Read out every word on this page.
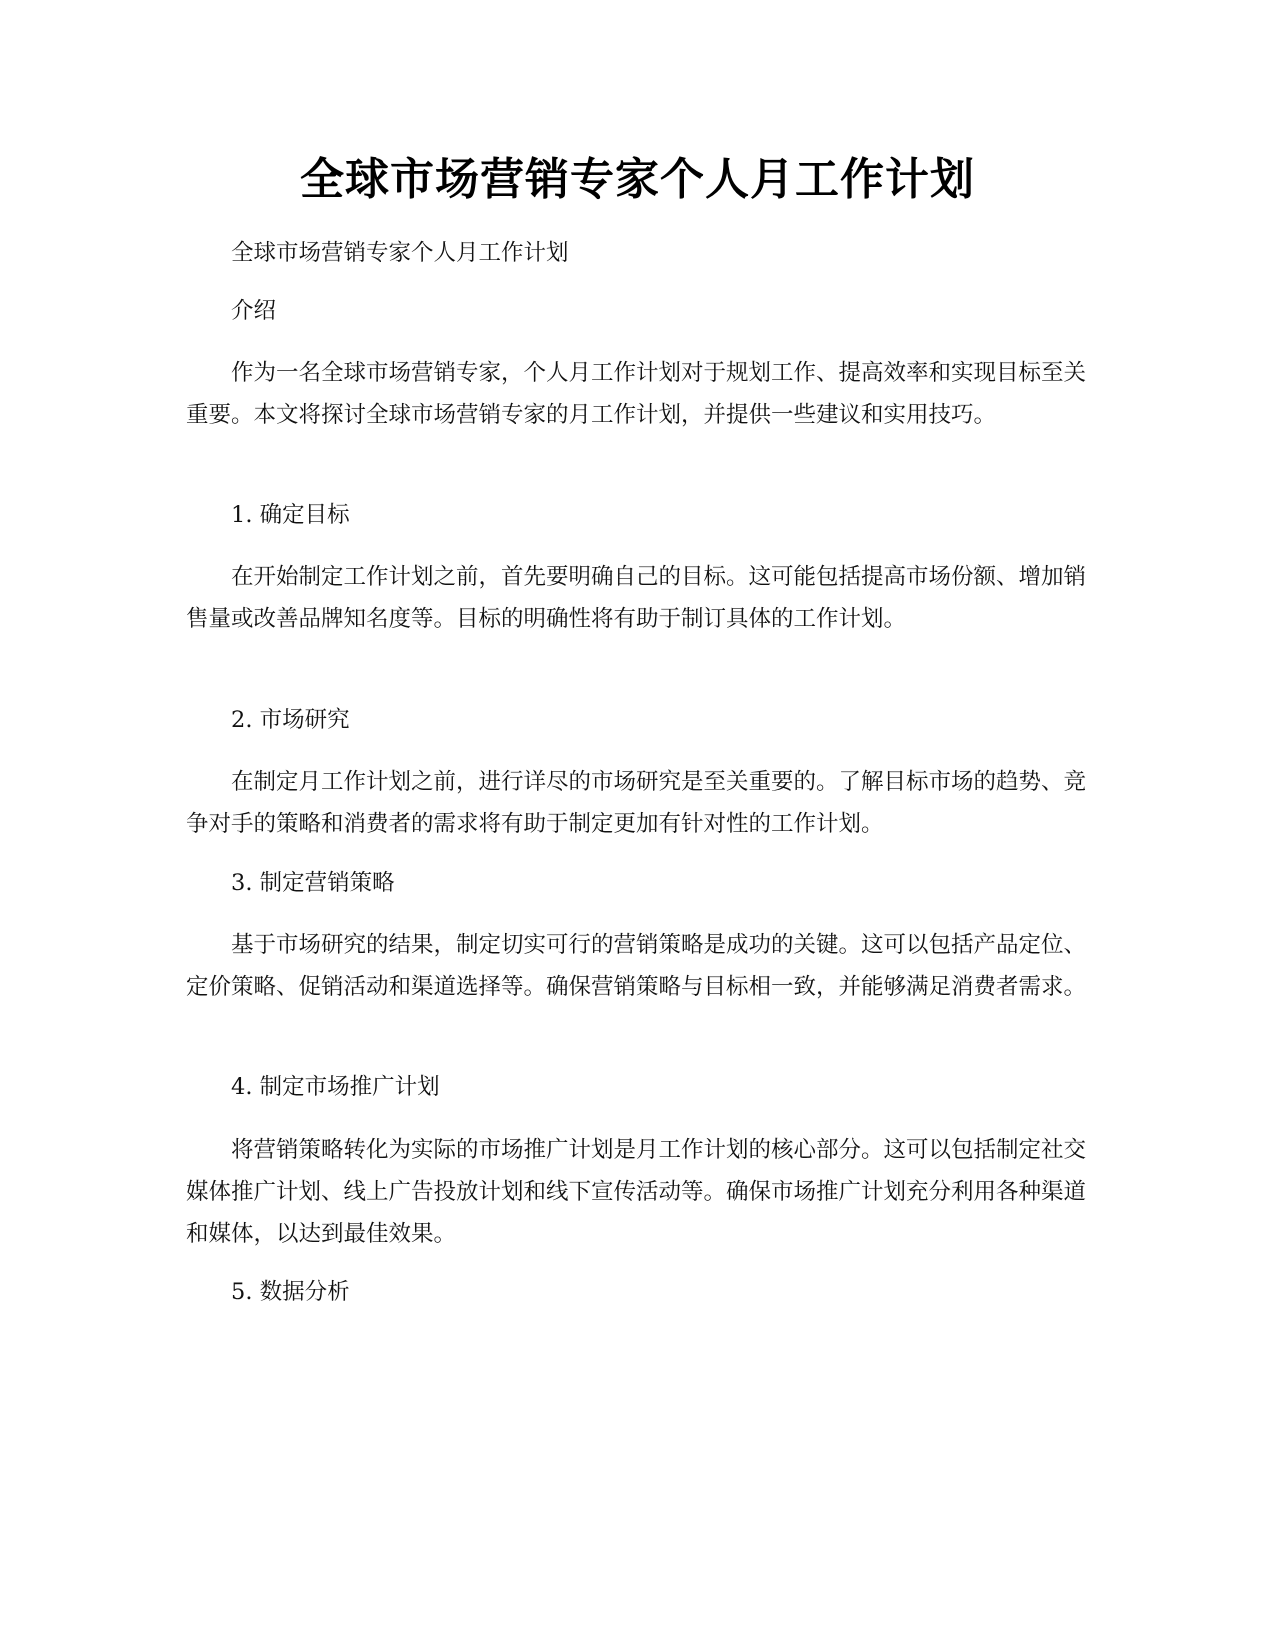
全球市场营销专家个人月工作计划

全球市场营销专家个人月工作计划

介绍

作为一名全球市场营销专家，个人月工作计划对于规划工作、提高效率和实现目标至关重要。本文将探讨全球市场营销专家的月工作计划，并提供一些建议和实用技巧。

1. 确定目标

在开始制定工作计划之前，首先要明确自己的目标。这可能包括提高市场份额、增加销售量或改善品牌知名度等。目标的明确性将有助于制订具体的工作计划。

2. 市场研究

在制定月工作计划之前，进行详尽的市场研究是至关重要的。了解目标市场的趋势、竞争对手的策略和消费者的需求将有助于制定更加有针对性的工作计划。

3. 制定营销策略

基于市场研究的结果，制定切实可行的营销策略是成功的关键。这可以包括产品定位、定价策略、促销活动和渠道选择等。确保营销策略与目标相一致，并能够满足消费者需求。

4. 制定市场推广计划

将营销策略转化为实际的市场推广计划是月工作计划的核心部分。这可以包括制定社交媒体推广计划、线上广告投放计划和线下宣传活动等。确保市场推广计划充分利用各种渠道和媒体，以达到最佳效果。

5. 数据分析
